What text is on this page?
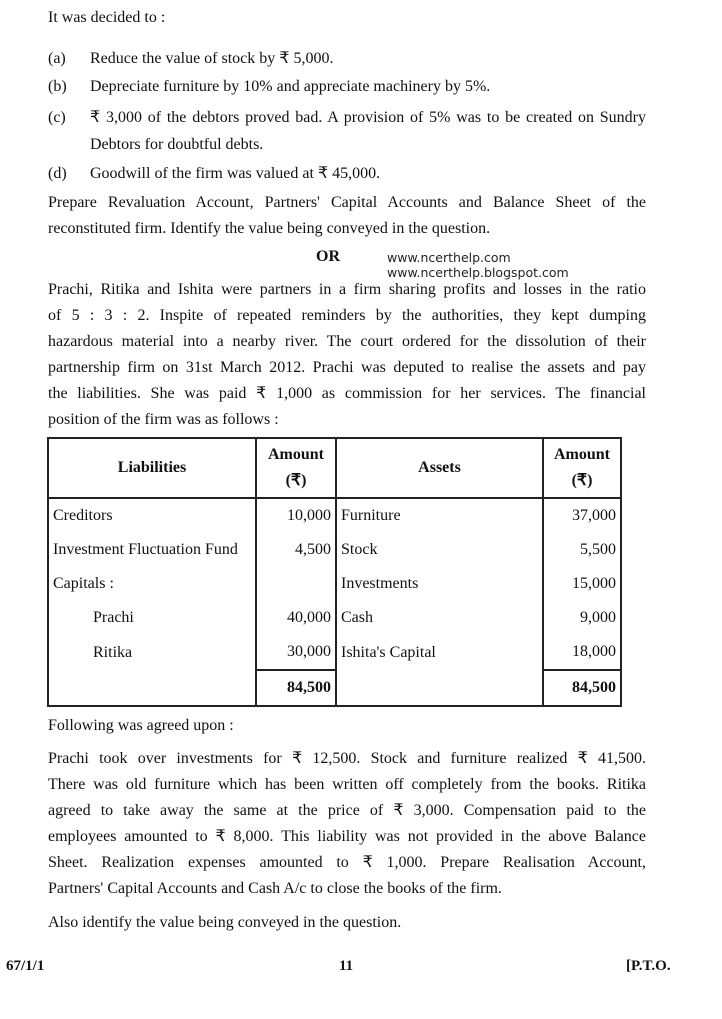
It was decided to :
(a) Reduce the value of stock by ₹ 5,000.
(b) Depreciate furniture by 10% and appreciate machinery by 5%.
(c) ₹ 3,000 of the debtors proved bad. A provision of 5% was to be created on Sundry Debtors for doubtful debts.
(d) Goodwill of the firm was valued at ₹ 45,000.
Prepare Revaluation Account, Partners' Capital Accounts and Balance Sheet of the
reconstituted firm. Identify the value being conveyed in the question.
OR	www.ncerthelp.com
www.ncerthelp.blogspot.com
Prachi, Ritika and Ishita were partners in a firm sharing profits and losses in the ratio
of 5 : 3 : 2. Inspite of repeated reminders by the authorities, they kept dumping
hazardous material into a nearby river. The court ordered for the dissolution of their
partnership firm on 31st March 2012. Prachi was deputed to realise the assets and pay
the liabilities. She was paid ₹ 1,000 as commission for her services. The financial
position of the firm was as follows :
Liabilities	Amount (₹)	Assets	Amount (₹)
Creditors	10,000	Furniture	37,000
Investment Fluctuation Fund	4,500	Stock	5,500
Capitals :		Investments	15,000
Prachi	40,000	Cash	9,000
Ritika	30,000	Ishita's Capital	18,000
	84,500		84,500
Following was agreed upon :
Prachi took over investments for ₹ 12,500. Stock and furniture realized ₹ 41,500.
There was old furniture which has been written off completely from the books. Ritika
agreed to take away the same at the price of ₹ 3,000. Compensation paid to the
employees amounted to ₹ 8,000. This liability was not provided in the above Balance
Sheet. Realization expenses amounted to ₹ 1,000. Prepare Realisation Account,
Partners' Capital Accounts and Cash A/c to close the books of the firm.
Also identify the value being conveyed in the question.
67/1/1	11	[P.T.O.
